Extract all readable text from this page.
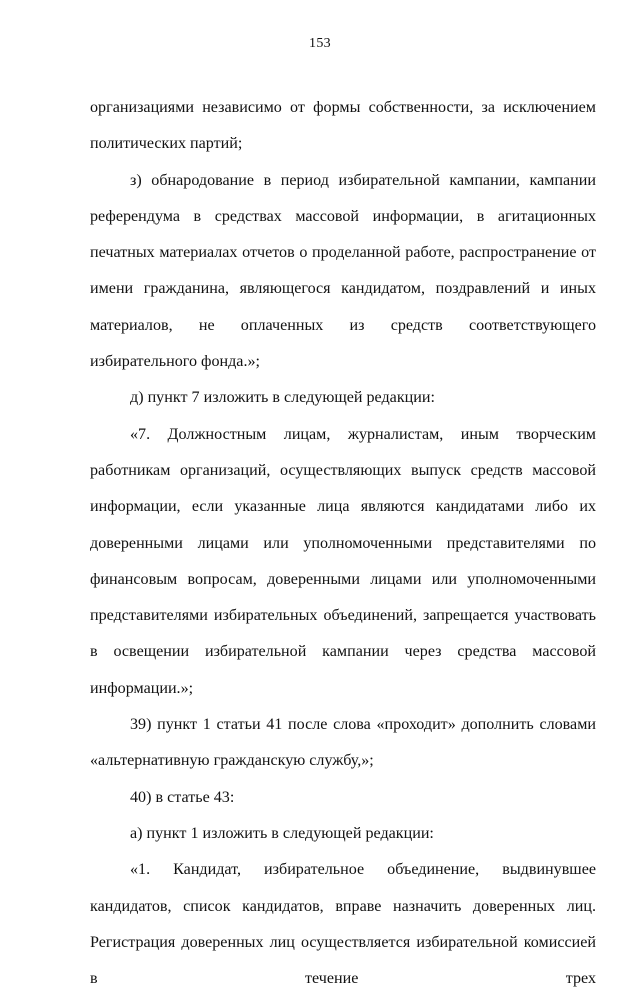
153

организациями независимо от формы собственности, за исключением политических партий;

з) обнародование в период избирательной кампании, кампании референдума в средствах массовой информации, в агитационных печатных материалах отчетов о проделанной работе, распространение от имени гражданина, являющегося кандидатом, поздравлений и иных материалов, не оплаченных из средств соответствующего избирательного фонда.»;

д) пункт 7 изложить в следующей редакции:

«7. Должностным лицам, журналистам, иным творческим работникам организаций, осуществляющих выпуск средств массовой информации, если указанные лица являются кандидатами либо их доверенными лицами или уполномоченными представителями по финансовым вопросам, доверенными лицами или уполномоченными представителями избирательных объединений, запрещается участвовать в освещении избирательной кампании через средства массовой информации.»;

39) пункт 1 статьи 41 после слова «проходит» дополнить словами «альтернативную гражданскую службу,»;

40) в статье 43:

а) пункт 1 изложить в следующей редакции:

«1. Кандидат, избирательное объединение, выдвинувшее кандидатов, список кандидатов, вправе назначить доверенных лиц. Регистрация доверенных лиц осуществляется избирательной комиссией в течение трех
